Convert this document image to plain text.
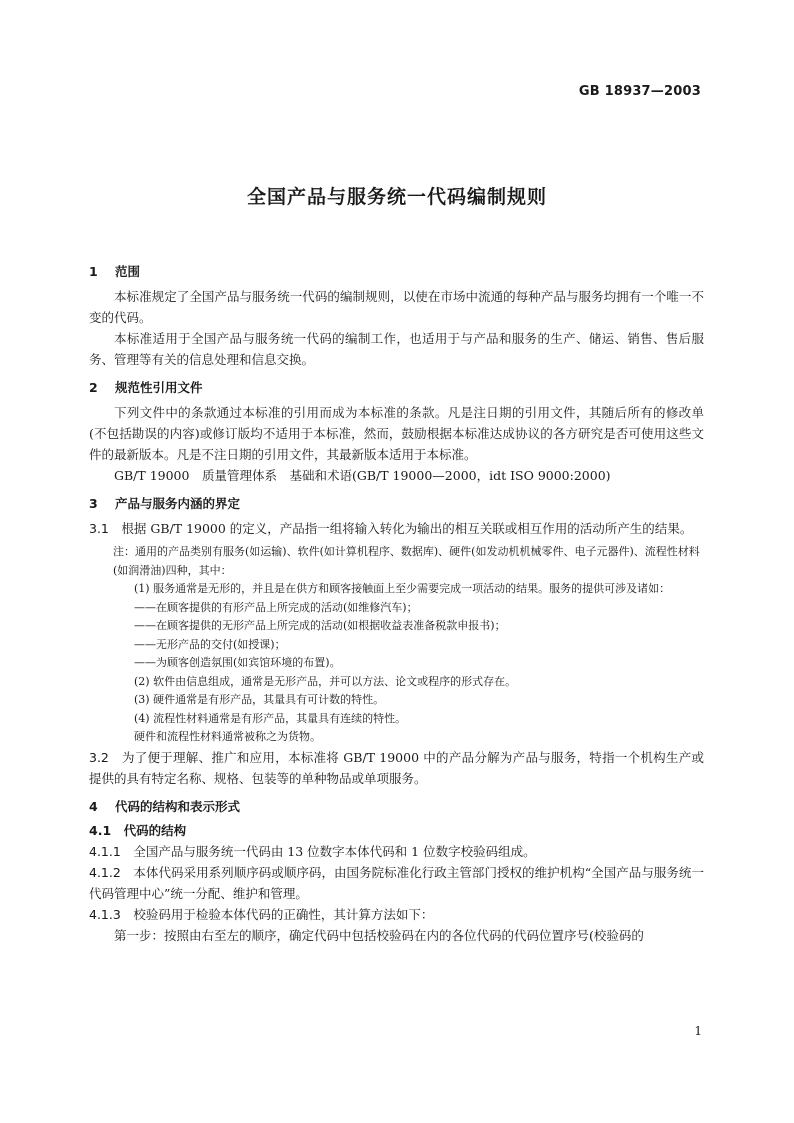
GB 18937—2003
全国产品与服务统一代码编制规则
1 范围

本标准规定了全国产品与服务统一代码的编制规则，以使在市场中流通的每种产品与服务均拥有一个唯一不变的代码。

本标准适用于全国产品与服务统一代码的编制工作，也适用于与产品和服务的生产、储运、销售、售后服务、管理等有关的信息处理和信息交换。

2 规范性引用文件

下列文件中的条款通过本标准的引用而成为本标准的条款。凡是注日期的引用文件，其随后所有的修改单(不包括勘误的内容)或修订版均不适用于本标准，然而，鼓励根据本标准达成协议的各方研究是否可使用这些文件的最新版本。凡是不注日期的引用文件，其最新版本适用于本标准。

GB/T 19000　质量管理体系　基础和术语(GB/T 19000—2000，idt ISO 9000:2000)

3 产品与服务内涵的界定

3.1　 根据 GB/T 19000 的定义，产品指一组将输入转化为输出的相互关联或相互作用的活动所产生的结果。

注：通用的产品类别有服务(如运输)、软件(如计算机程序、数据库)、硬件(如发动机机械零件、电子元器件)、流程性材料(如润滑油)四种，其中：

(1) 服务通常是无形的，并且是在供方和顾客接触面上至少需要完成一项活动的结果。服务的提供可涉及诸如：

——在顾客提供的有形产品上所完成的活动(如维修汽车)；

——在顾客提供的无形产品上所完成的活动(如根据收益表准备税款申报书)；

——无形产品的交付(如授课)；

——为顾客创造氛围(如宾馆环境的布置)。

(2) 软件由信息组成，通常是无形产品，并可以方法、论文或程序的形式存在。

(3) 硬件通常是有形产品，其量具有可计数的特性。

(4) 流程性材料通常是有形产品，其量具有连续的特性。

硬件和流程性材料通常被称之为货物。

3.2　 为了便于理解、推广和应用，本标准将 GB/T 19000 中的产品分解为产品与服务，特指一个机构生产或提供的具有特定名称、规格、包装等的单种物品或单项服务。

4 代码的结构和表示形式
4.1　 代码的结构

4.1.1　 全国产品与服务统一代码由 13 位数字本体代码和 1 位数字校验码组成。

4.1.2　 本体代码采用系列顺序码或顺序码，由国务院标准化行政主管部门授权的维护机构“全国产品与服务统一代码管理中心”统一分配、维护和管理。

4.1.3　 校验码用于检验本体代码的正确性，其计算方法如下：

第一步：按照由右至左的顺序，确定代码中包括校验码在内的各位代码的代码位置序号(校验码的

1
